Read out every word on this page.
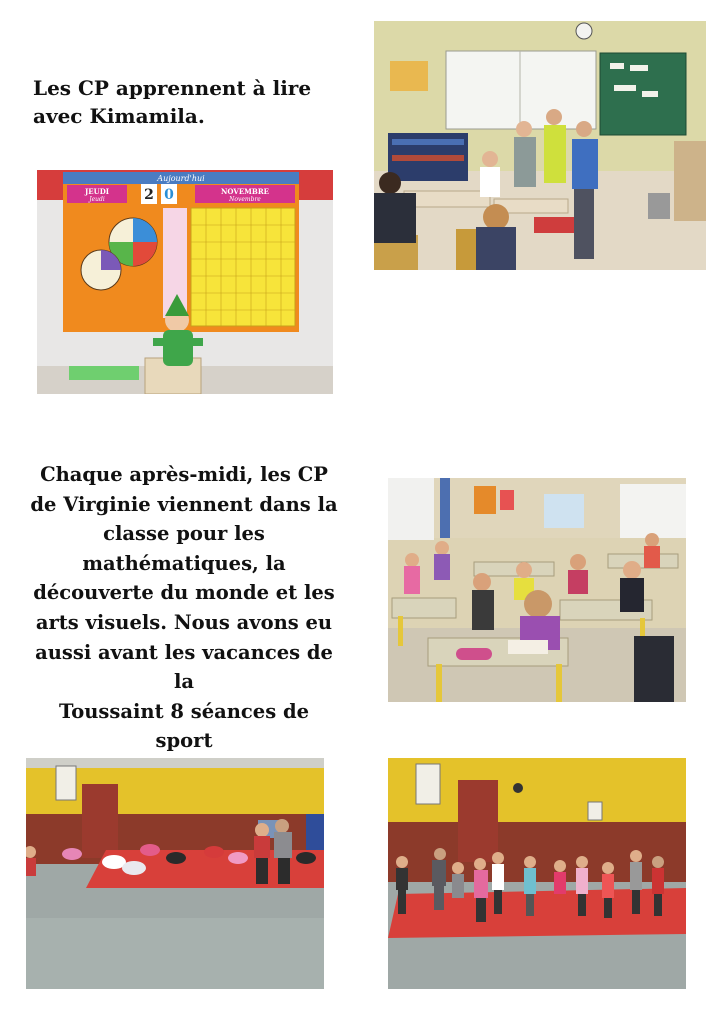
Les CP apprennent à lire
avec Kimamila.
Chaque après-midi, les CP
de Virginie viennent dans la
classe pour les
mathématiques, la
découverte du monde et les
arts visuels. Nous avons eu
aussi avant les vacances de la
Toussaint 8 séances de sport
Aujourd'hui
JEUDI
Jeudi	2 0	NOVEMBRE
Novembre
